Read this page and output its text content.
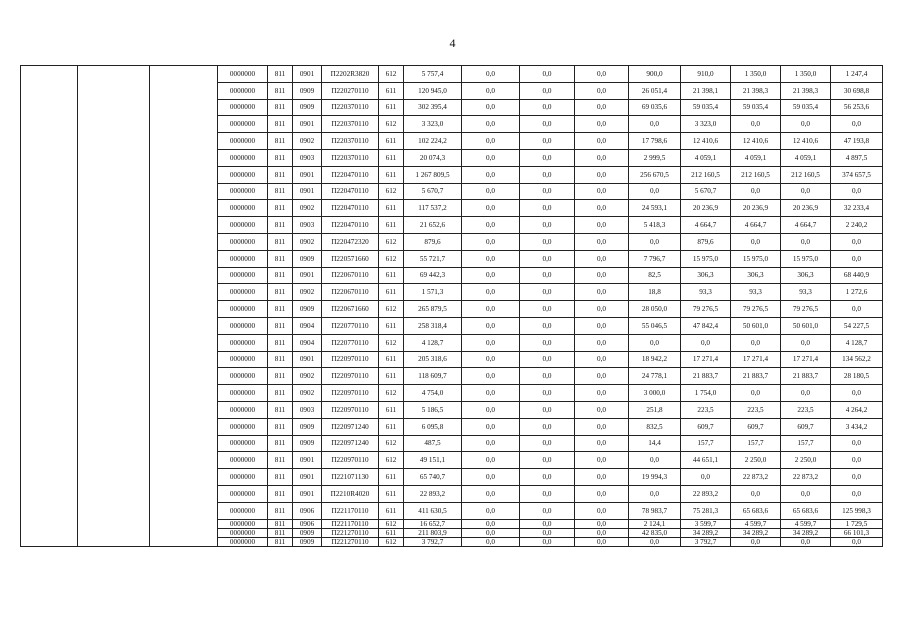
4
			0000000	811	0901	П2202R3820	612	5 757,4	0,0	0,0	0,0	900,0	910,0	1 350,0	1 350,0	1 247,4
			0000000	811	0909	П220270110	611	120 945,0	0,0	0,0	0,0	26 051,4	21 398,1	21 398,3	21 398,3	30 698,8
			0000000	811	0909	П220370110	611	302 395,4	0,0	0,0	0,0	69 035,6	59 035,4	59 035,4	59 035,4	56 253,6
			0000000	811	0901	П220370110	612	3 323,0	0,0	0,0	0,0	0,0	3 323,0	0,0	0,0	0,0
			0000000	811	0902	П220370110	611	102 224,2	0,0	0,0	0,0	17 798,6	12 410,6	12 410,6	12 410,6	47 193,8
			0000000	811	0903	П220370110	611	20 074,3	0,0	0,0	0,0	2 999,5	4 059,1	4 059,1	4 059,1	4 897,5
			0000000	811	0901	П220470110	611	1 267 809,5	0,0	0,0	0,0	256 670,5	212 160,5	212 160,5	212 160,5	374 657,5
			0000000	811	0901	П220470110	612	5 670,7	0,0	0,0	0,0	0,0	5 670,7	0,0	0,0	0,0
			0000000	811	0902	П220470110	611	117 537,2	0,0	0,0	0,0	24 593,1	20 236,9	20 236,9	20 236,9	32 233,4
			0000000	811	0903	П220470110	611	21 652,6	0,0	0,0	0,0	5 418,3	4 664,7	4 664,7	4 664,7	2 240,2
			0000000	811	0902	П220472320	612	879,6	0,0	0,0	0,0	0,0	879,6	0,0	0,0	0,0
			0000000	811	0909	П220571660	612	55 721,7	0,0	0,0	0,0	7 796,7	15 975,0	15 975,0	15 975,0	0,0
			0000000	811	0901	П220670110	611	69 442,3	0,0	0,0	0,0	82,5	306,3	306,3	306,3	68 440,9
			0000000	811	0902	П220670110	611	1 571,3	0,0	0,0	0,0	18,8	93,3	93,3	93,3	1 272,6
			0000000	811	0909	П220671660	612	265 879,5	0,0	0,0	0,0	28 050,0	79 276,5	79 276,5	79 276,5	0,0
			0000000	811	0904	П220770110	611	258 318,4	0,0	0,0	0,0	55 046,5	47 842,4	50 601,0	50 601,0	54 227,5
			0000000	811	0904	П220770110	612	4 128,7	0,0	0,0	0,0	0,0	0,0	0,0	0,0	4 128,7
			0000000	811	0901	П220970110	611	205 318,6	0,0	0,0	0,0	18 942,2	17 271,4	17 271,4	17 271,4	134 562,2
			0000000	811	0902	П220970110	611	118 609,7	0,0	0,0	0,0	24 778,1	21 883,7	21 883,7	21 883,7	28 180,5
			0000000	811	0902	П220970110	612	4 754,0	0,0	0,0	0,0	3 000,0	1 754,0	0,0	0,0	0,0
			0000000	811	0903	П220970110	611	5 186,5	0,0	0,0	0,0	251,8	223,5	223,5	223,5	4 264,2
			0000000	811	0909	П220971240	611	6 095,8	0,0	0,0	0,0	832,5	609,7	609,7	609,7	3 434,2
			0000000	811	0909	П220971240	612	487,5	0,0	0,0	0,0	14,4	157,7	157,7	157,7	0,0
			0000000	811	0901	П220970110	612	49 151,1	0,0	0,0	0,0	0,0	44 651,1	2 250,0	2 250,0	0,0
			0000000	811	0901	П221071130	611	65 740,7	0,0	0,0	0,0	19 994,3	0,0	22 873,2	22 873,2	0,0
			0000000	811	0901	П2210R4020	611	22 893,2	0,0	0,0	0,0	0,0	22 893,2	0,0	0,0	0,0
			0000000	811	0906	П221170110	611	411 630,5	0,0	0,0	0,0	78 983,7	75 281,3	65 683,6	65 683,6	125 998,3
			0000000	811	0906	П221170110	612	16 652,7	0,0	0,0	0,0	2 124,1	3 599,7	4 599,7	4 599,7	1 729,5
			0000000	811	0909	П221270110	611	211 803,9	0,0	0,0	0,0	42 835,0	34 289,2	34 289,2	34 289,2	66 101,3
			0000000	811	0909	П221270110	612	3 792,7	0,0	0,0	0,0	0,0	3 792,7	0,0	0,0	0,0
